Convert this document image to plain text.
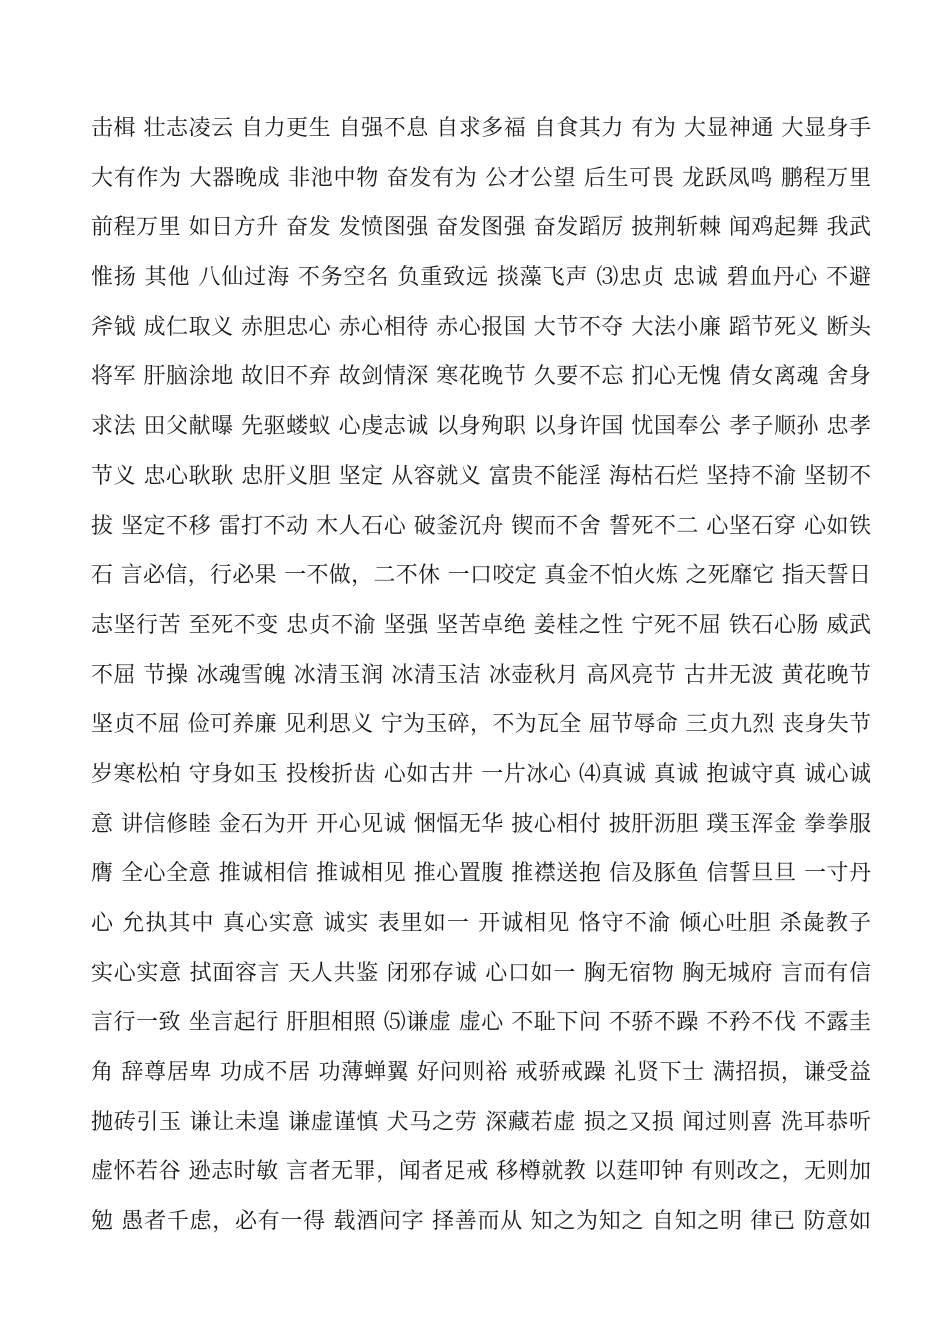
击楫 壮志凌云 自力更生 自强不息 自求多福 自食其力 有为 大显神通 大显身手
大有作为 大器晚成 非池中物 奋发有为 公才公望 后生可畏 龙跃凤鸣 鹏程万里
前程万里 如日方升 奋发 发愤图强 奋发图强 奋发蹈厉 披荆斩棘 闻鸡起舞 我武
惟扬 其他 八仙过海 不务空名 负重致远 掞藻飞声 ⑶忠贞 忠诚 碧血丹心 不避
斧钺 成仁取义 赤胆忠心 赤心相待 赤心报国 大节不夺 大法小廉 蹈节死义 断头
将军 肝脑涂地 故旧不弃 故剑情深 寒花晚节 久要不忘 扪心无愧 倩女离魂 舍身
求法 田父献曝 先驱蝼蚁 心虔志诚 以身殉职 以身许国 忧国奉公 孝子顺孙 忠孝
节义 忠心耿耿 忠肝义胆 坚定 从容就义 富贵不能淫 海枯石烂 坚持不渝 坚韧不
拔 坚定不移 雷打不动 木人石心 破釜沉舟 锲而不舍 誓死不二 心坚石穿 心如铁
石 言必信，行必果 一不做，二不休 一口咬定 真金不怕火炼 之死靡它 指天誓日
志坚行苦 至死不变 忠贞不渝 坚强 坚苦卓绝 姜桂之性 宁死不屈 铁石心肠 威武
不屈 节操 冰魂雪魄 冰清玉润 冰清玉洁 冰壶秋月 高风亮节 古井无波 黄花晚节
坚贞不屈 俭可养廉 见利思义 宁为玉碎，不为瓦全 屈节辱命 三贞九烈 丧身失节
岁寒松柏 守身如玉 投梭折齿 心如古井 一片冰心 ⑷真诚 真诚 抱诚守真 诚心诚
意 讲信修睦 金石为开 开心见诚 悃愊无华 披心相付 披肝沥胆 璞玉浑金 拳拳服
膺 全心全意 推诚相信 推诚相见 推心置腹 推襟送抱 信及豚鱼 信誓旦旦 一寸丹
心 允执其中 真心实意 诚实 表里如一 开诚相见 恪守不渝 倾心吐胆 杀彘教子
实心实意 拭面容言 天人共鉴 闭邪存诚 心口如一 胸无宿物 胸无城府 言而有信
言行一致 坐言起行 肝胆相照 ⑸谦虚 虚心 不耻下问 不骄不躁 不矜不伐 不露圭
角 辞尊居卑 功成不居 功薄蝉翼 好问则裕 戒骄戒躁 礼贤下士 满招损，谦受益
抛砖引玉 谦让未遑 谦虚谨慎 犬马之劳 深藏若虚 损之又损 闻过则喜 洗耳恭听
虚怀若谷 逊志时敏 言者无罪，闻者足戒 移樽就教 以莛叩钟 有则改之，无则加
勉 愚者千虑，必有一得 载酒问字 择善而从 知之为知之 自知之明 律已 防意如
